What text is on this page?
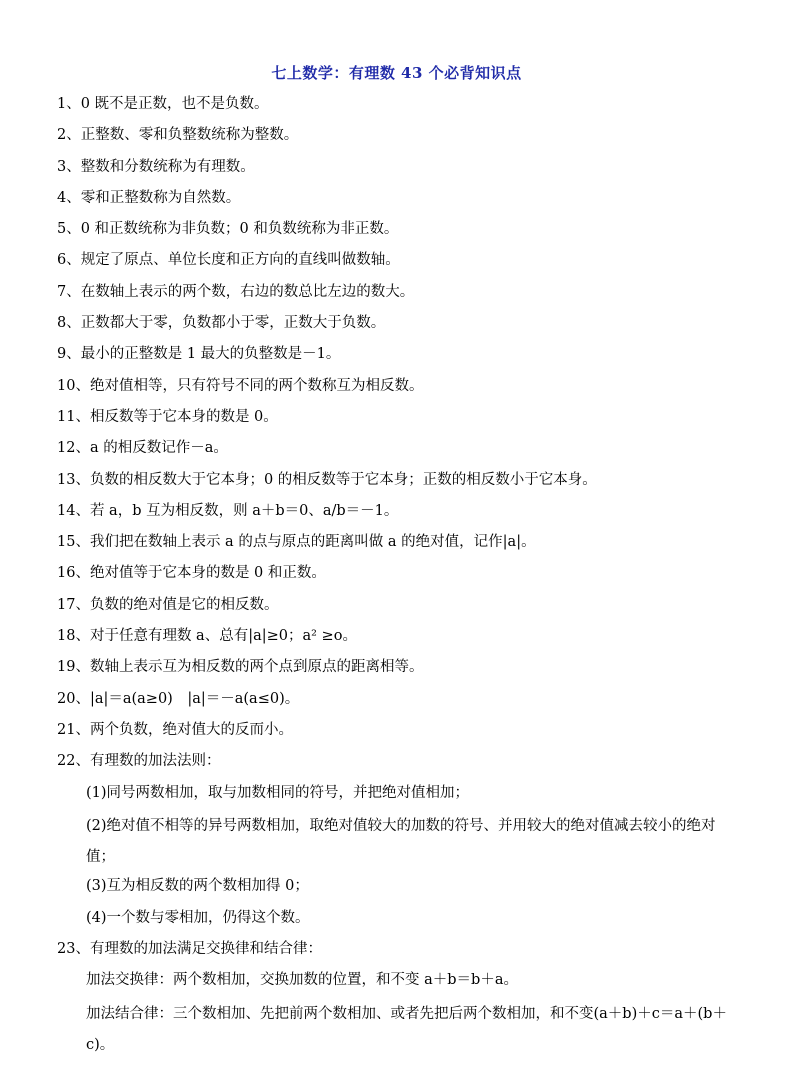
七上数学：有理数 43 个必背知识点
1、0 既不是正数，也不是负数。
2、正整数、零和负整数统称为整数。
3、整数和分数统称为有理数。
4、零和正整数称为自然数。
5、0 和正数统称为非负数；0 和负数统称为非正数。
6、规定了原点、单位长度和正方向的直线叫做数轴。
7、在数轴上表示的两个数，右边的数总比左边的数大。
8、正数都大于零，负数都小于零，正数大于负数。
9、最小的正整数是 1 最大的负整数是－1。
10、绝对值相等，只有符号不同的两个数称互为相反数。
11、相反数等于它本身的数是 0。
12、a 的相反数记作－a。
13、负数的相反数大于它本身；0 的相反数等于它本身；正数的相反数小于它本身。
14、若 a，b 互为相反数，则 a＋b＝0、a/b＝－1。
15、我们把在数轴上表示 a 的点与原点的距离叫做 a 的绝对值，记作|a|。
16、绝对值等于它本身的数是 0 和正数。
17、负数的绝对值是它的相反数。
18、对于任意有理数 a、总有|a|≥0；a² ≥o。
19、数轴上表示互为相反数的两个点到原点的距离相等。
20、|a|＝a(a≥0)　|a|＝－a(a≤0)。
21、两个负数，绝对值大的反而小。
22、有理数的加法法则：
(1)同号两数相加，取与加数相同的符号，并把绝对值相加；
(2)绝对值不相等的异号两数相加，取绝对值较大的加数的符号、并用较大的绝对值减去较小的绝对值；
(3)互为相反数的两个数相加得 0；
(4)一个数与零相加，仍得这个数。
23、有理数的加法满足交换律和结合律：
加法交换律：两个数相加，交换加数的位置，和不变 a＋b＝b＋a。
加法结合律：三个数相加、先把前两个数相加、或者先把后两个数相加，和不变(a＋b)＋c＝a＋(b＋c)。
